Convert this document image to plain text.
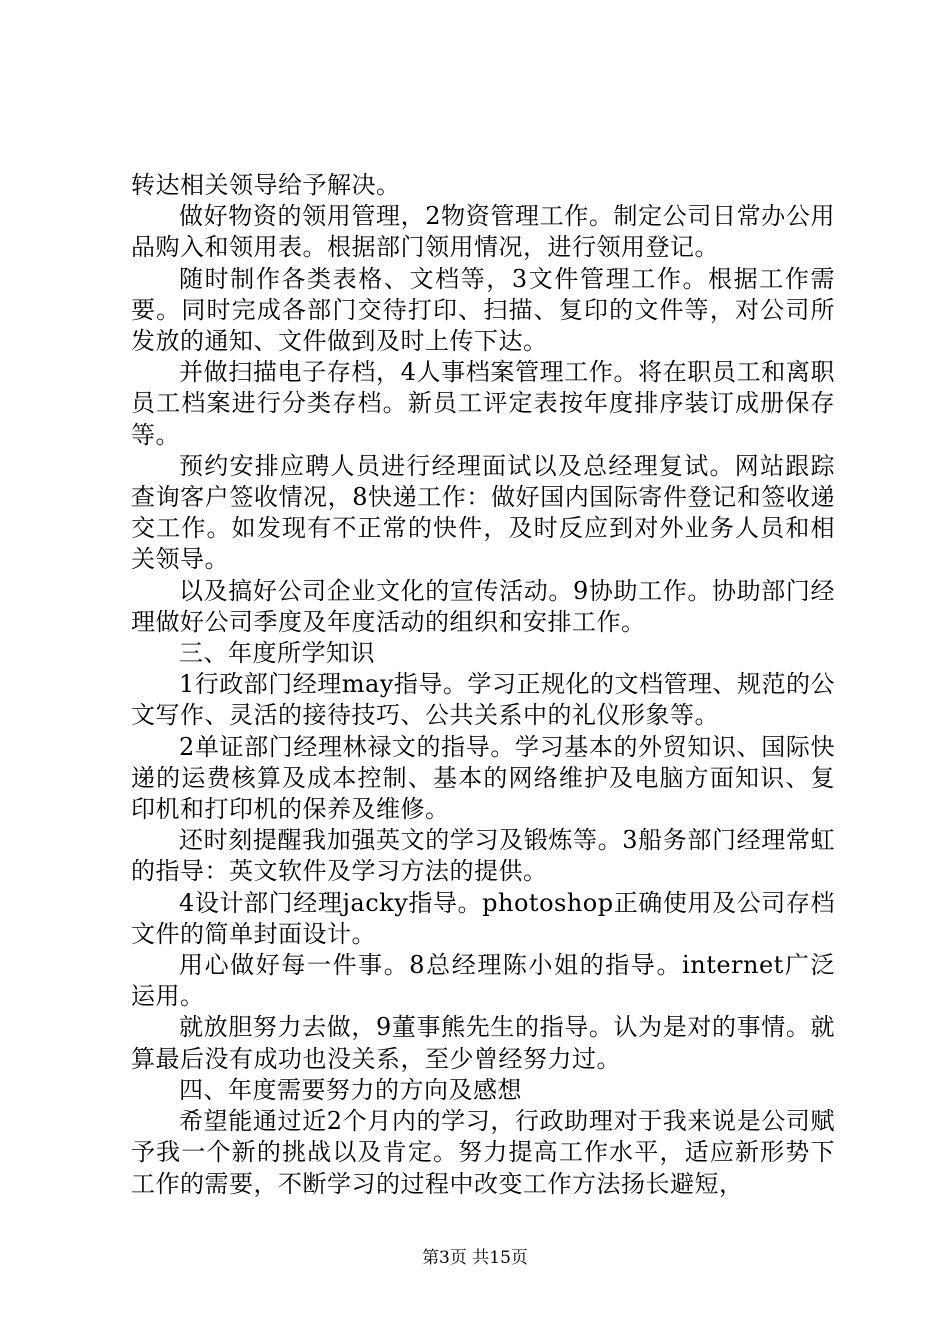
转达相关领导给予解决。

做好物资的领用管理，2物资管理工作。制定公司日常办公用品购入和领用表。根据部门领用情况，进行领用登记。

随时制作各类表格、文档等，3文件管理工作。根据工作需要。同时完成各部门交待打印、扫描、复印的文件等，对公司所发放的通知、文件做到及时上传下达。

并做扫描电子存档，4人事档案管理工作。将在职员工和离职员工档案进行分类存档。新员工评定表按年度排序装订成册保存等。

预约安排应聘人员进行经理面试以及总经理复试。网站跟踪查询客户签收情况，8快递工作：做好国内国际寄件登记和签收递交工作。如发现有不正常的快件，及时反应到对外业务人员和相关领导。

以及搞好公司企业文化的宣传活动。9协助工作。协助部门经理做好公司季度及年度活动的组织和安排工作。

三、年度所学知识

1行政部门经理may指导。学习正规化的文档管理、规范的公文写作、灵活的接待技巧、公共关系中的礼仪形象等。

2单证部门经理林禄文的指导。学习基本的外贸知识、国际快递的运费核算及成本控制、基本的网络维护及电脑方面知识、复印机和打印机的保养及维修。

还时刻提醒我加强英文的学习及锻炼等。3船务部门经理常虹的指导：英文软件及学习方法的提供。

4设计部门经理jacky指导。photoshop正确使用及公司存档文件的简单封面设计。

用心做好每一件事。8总经理陈小姐的指导。internet广泛运用。

就放胆努力去做，9董事熊先生的指导。认为是对的事情。就算最后没有成功也没关系，至少曾经努力过。

四、年度需要努力的方向及感想

希望能通过近2个月内的学习，行政助理对于我来说是公司赋予我一个新的挑战以及肯定。努力提高工作水平，适应新形势下工作的需要，不断学习的过程中改变工作方法扬长避短，

第3页 共15页
